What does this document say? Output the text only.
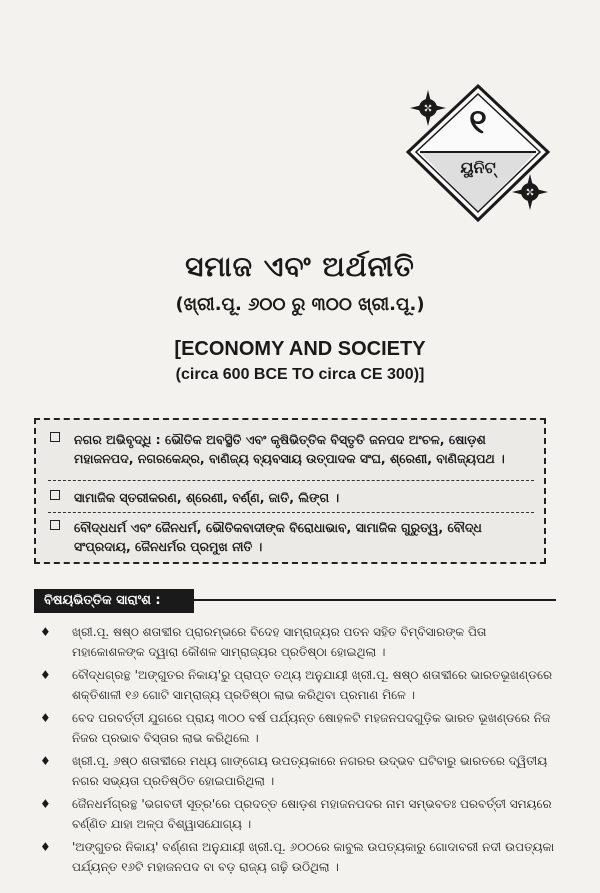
୧
ୟୁନିଟ୍
ସମାଜ ଏବଂ ଅର୍ଥନୀତି
(ଖ୍ରୀ.ପୂ. ୬୦୦ ରୁ ୩୦୦ ଖ୍ରୀ.ପୂ.)
[ECONOMY AND SOCIETY
(circa 600 BCE TO circa CE 300)]
ନଗର ଅଭିବୃଦ୍ଧି : ଭୌତିକ ଅବସ୍ଥିତି ଏବଂ କୃଷିଭିତ୍ତିକ ବିସ୍ତୃତି ଜନପଦ ଅଂଚଳ, ଷୋଡ଼ଶ ମହାଜନପଦ, ନଗରକେନ୍ଦ୍ର, ବାଣିଜ୍ୟ ବ୍ୟବସାୟ ଉତ୍ପାଦକ ସଂଘ, ଶ୍ରେଣୀ, ବାଣିଜ୍ୟପଥ ।
ସାମାଜିକ ସ୍ତରୀକରଣ, ଶ୍ରେଣୀ, ବର୍ଣ୍ଣ, ଜାତି, ଲିଙ୍ଗ ।
ବୌଦ୍ଧଧର୍ମ ଏବଂ ଜୈନଧର୍ମ, ଭୌତିକବାଦୀଙ୍କ ବିରୋଧାଭାବ, ସାମାଜିକ ଗୁରୁତ୍ୱ, ବୌଦ୍ଧ ସଂପ୍ରଦାୟ, ଜୈନଧର୍ମର ପ୍ରମୁଖ ନୀତି ।
ବିଷୟଭିତ୍ତିକ ସାରାଂଶ :
♦ ଖ୍ରୀ.ପୂ. ଷଷ୍ଠ ଶତାବ୍ଦୀର ପ୍ରାରମ୍ଭରେ ବିଦେହ ସାମ୍ରାଜ୍ୟର ପତନ ସହିତ ବିମ୍ବିସାରଙ୍କ ପିତା ମହାକୋଶଳଙ୍କ ଦ୍ୱାରା କୌଶଳ ସାମ୍ରାଜ୍ୟର ପ୍ରତିଷ୍ଠା ହୋଇଥିଲା ।
♦ ବୌଦ୍ଧଗ୍ରନ୍ଥ 'ଅଙ୍ଗୁତର ନିକାୟ'ରୁ ପ୍ରାପ୍ତ ତଥ୍ୟ ଅନୁଯାୟୀ ଖ୍ରୀ.ପୂ. ଷଷ୍ଠ ଶତାବ୍ଦୀରେ ଭାରତଭୂଖଣ୍ଡରେ ଶକ୍ତିଶାଳୀ ୧୬ ଗୋଟି ସାମ୍ରାଜ୍ୟ ପ୍ରତିଷ୍ଠା ଲାଭ କରିଥିବା ପ୍ରମାଣ ମିଳେ ।
♦ ବେଦ ପରବର୍ତ୍ତୀ ଯୁଗରେ ପ୍ରାୟ ୩୦୦ ବର୍ଷ ପର୍ଯ୍ୟନ୍ତ ଷୋହଳଟି ମହଜନପଦଗୁଡ଼ିକ ଭାରତ ଭୂଖଣ୍ଡରେ ନିଜ ନିଜର ପ୍ରଭାବ ବିସ୍ତାର ଲାଭ କରିଥିଲେ ।
♦ ଖ୍ରୀ.ପୂ. ୬ଷ୍ଠ ଶତାବ୍ଦୀରେ ମଧ୍ୟ ଗାଙ୍ଗେୟ ଉପତ୍ୟକାରେ ନଗରର ଉଦ୍ଭବ ଘଟିବାରୁ ଭାରତରେ ଦ୍ୱିତୀୟ ନଗର ସଭ୍ୟତା ପ୍ରତିଷ୍ଠିତ ହୋଇପାରିଥିଲା ।
♦ ଜୈନଧର୍ମଗ୍ରନ୍ଥ 'ଭଗବତୀ ସୂତ୍ର'ରେ ପ୍ରଦତ୍ତ ଷୋଡ଼ଶ ମହାଜନପଦର ନାମ ସମ୍ଭବତଃ ପରବର୍ତ୍ତୀ ସମୟରେ ବର୍ଣ୍ଣିତ ଯାହା ଅଳ୍ପ ବିଶ୍ୱାସଯୋଗ୍ୟ ।
♦ 'ଅଙ୍ଗୁତର ନିକାୟ' ବର୍ଣ୍ଣନା ଅନୁଯାୟୀ ଖ୍ରୀ.ପୂ. ୬୦୦ରେ କାବୁଲ ଉପତ୍ୟକାରୁ ଗୋଦାବରୀ ନଦୀ ଉପତ୍ୟକା ପର୍ଯ୍ୟନ୍ତ ୧୬ଟି ମହାଜନପଦ ବା ବଡ଼ ରାଜ୍ୟ ଗଢ଼ି ଉଠିଥିଲା ।
